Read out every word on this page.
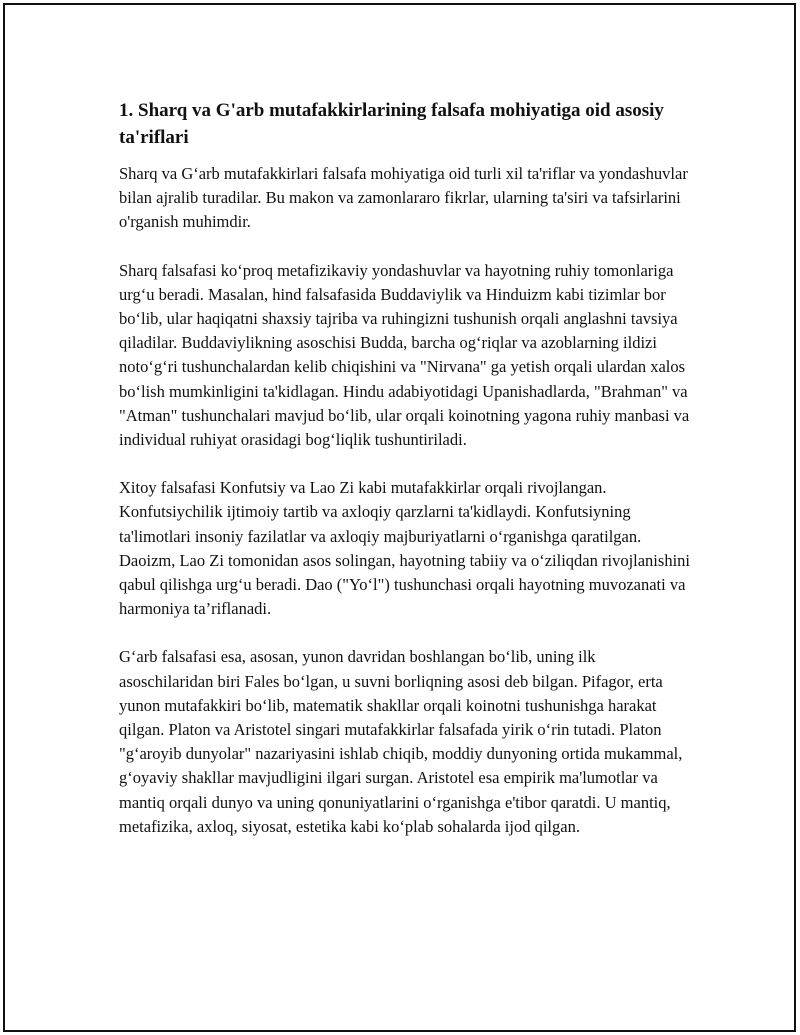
1. Sharq va G'arb mutafakkirlarining falsafa mohiyatiga oid asosiy ta'riflari

Sharq va G‘arb mutafakkirlari falsafa mohiyatiga oid turli xil ta'riflar va yondashuvlar bilan ajralib turadilar. Bu makon va zamonlararo fikrlar, ularning ta'siri va tafsirlarini o'rganish muhimdir.

Sharq falsafasi ko‘proq metafizikaviy yondashuvlar va hayotning ruhiy tomonlariga urg‘u beradi. Masalan, hind falsafasida Buddaviylik va Hinduizm kabi tizimlar bor bo‘lib, ular haqiqatni shaxsiy tajriba va ruhingizni tushunish orqali anglashni tavsiya qiladilar. Buddaviylikning asoschisi Budda, barcha og‘riqlar va azoblarning ildizi noto‘g‘ri tushunchalardan kelib chiqishini va "Nirvana" ga yetish orqali ulardan xalos bo‘lish mumkinligini ta'kidlagan. Hindu adabiyotidagi Upanishadlarda, "Brahman" va "Atman" tushunchalari mavjud bo‘lib, ular orqali koinotning yagona ruhiy manbasi va individual ruhiyat orasidagi bog‘liqlik tushuntiriladi.

Xitoy falsafasi Konfutsiy va Lao Zi kabi mutafakkirlar orqali rivojlangan. Konfutsiychilik ijtimoiy tartib va axloqiy qarzlarni ta'kidlaydi. Konfutsiyning ta'limotlari insoniy fazilatlar va axloqiy majburiyatlarni o‘rganishga qaratilgan. Daoizm, Lao Zi tomonidan asos solingan, hayotning tabiiy va o‘ziliqdan rivojlanishini qabul qilishga urg‘u beradi. Dao ("Yo‘l") tushunchasi orqali hayotning muvozanati va harmoniya ta’riflanadi.

G‘arb falsafasi esa, asosan, yunon davridan boshlangan bo‘lib, uning ilk asoschilaridan biri Fales bo‘lgan, u suvni borliqning asosi deb bilgan. Pifagor, erta yunon mutafakkiri bo‘lib, matematik shakllar orqali koinotni tushunishga harakat qilgan. Platon va Aristotel singari mutafakkirlar falsafada yirik o‘rin tutadi. Platon "g‘aroyib dunyolar" nazariyasini ishlab chiqib, moddiy dunyoning ortida mukammal, g‘oyaviy shakllar mavjudligini ilgari surgan. Aristotel esa empirik ma'lumotlar va mantiq orqali dunyo va uning qonuniyatlarini o‘rganishga e'tibor qaratdi. U mantiq, metafizika, axloq, siyosat, estetika kabi ko‘plab sohalarda ijod qilgan.
